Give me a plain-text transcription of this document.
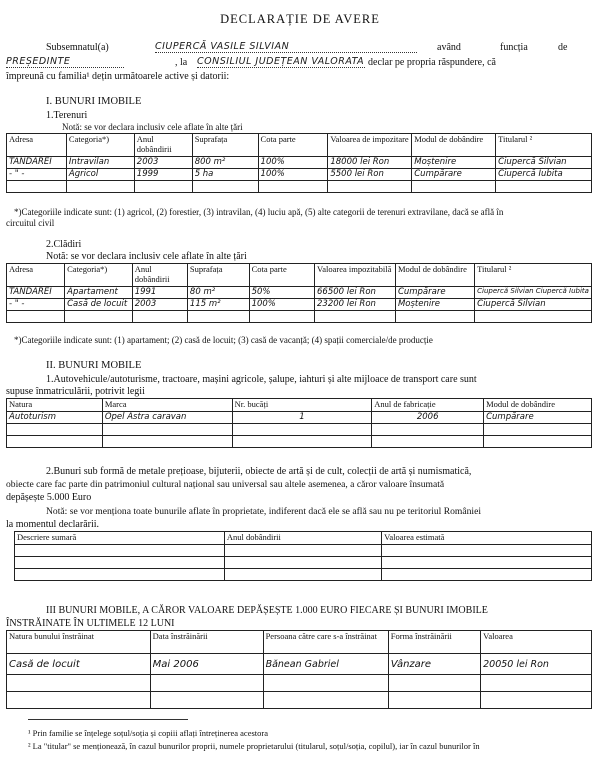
DECLARAȚIE DE AVERE
Subsemnatul(a)	CIUPERCĂ VASILE SILVIAN	având	funcția	de
PREȘEDINTE	, la CONSILIUL JUDEȚEAN VALORATA declar pe propria răspundere, că
împreună cu familia¹ dețin următoarele active și datorii:
I. BUNURI IMOBILE
1.Terenuri
Notă: se vor declara inclusiv cele aflate în alte țări
Adresa	Categoria*)	Anul dobândirii	Suprafața	Cota parte	Valoarea de impozitare	Modul de dobândire	Titularul ²
TÂNDĂREI	Intravilan	2003	800 m²	100%	18000 lei Ron	Moștenire	Ciupercă Silvian
- " -	Agricol	1999	5 ha	100%	5500 lei Ron	Cumpărare	Ciupercă Iubita

*)Categoriile indicate sunt: (1) agricol, (2) forestier, (3) intravilan, (4) luciu apă, (5) alte categorii de terenuri extravilane, dacă se află în
circuitul civil
2.Clădiri
Notă: se vor declara inclusiv cele aflate în alte țări
Adresa	Categoria*)	Anul dobândirii	Suprafața	Cota parte	Valoarea impozitabilă	Modul de dobândire	Titularul ²
TÂNDĂREI	Apartament	1991	80 m²	50%	66500 lei Ron	Cumpărare	Ciupercă Silvian Ciupercă Iubita
- " -	Casă de locuit	2003	115 m²	100%	23200 lei Ron	Moștenire	Ciupercă Silvian

*)Categoriile indicate sunt: (1) apartament; (2) casă de locuit; (3) casă de vacanță; (4) spații comerciale/de producție
II. BUNURI MOBILE
1.Autovehicule/autoturisme, tractoare, mașini agricole, șalupe, iahturi și alte mijloace de transport care sunt
supuse înmatriculării, potrivit legii
Natura	Marca	Nr. bucăți	Anul de fabricație	Modul de dobândire
Autoturism	Opel Astra caravan	1	2006	Cumpărare

2.Bunuri sub formă de metale prețioase, bijuterii, obiecte de artă și de cult, colecții de artă și numismatică,
obiecte care fac parte din patrimoniul cultural național sau universal sau altele asemenea, a căror valoare însumată
depășește 5.000 Euro
Notă: se vor menționa toate bunurile aflate în proprietate, indiferent dacă ele se află sau nu pe teritoriul României
la momentul declarării.
Descriere sumară	Anul dobândirii	Valoarea estimată

III BUNURI MOBILE, A CĂROR VALOARE DEPĂȘEȘTE 1.000 EURO FIECARE ȘI BUNURI IMOBILE
ÎNSTRĂINATE ÎN ULTIMELE 12 LUNI
Natura bunului înstrăinat	Data înstrăinării	Persoana către care s-a înstrăinat	Forma înstrăinării	Valoarea
Casă de locuit	Mai 2006	Bănean Gabriel	Vânzare	20050 lei Ron

¹ Prin familie se înțelege soțul/soția și copiii aflați întreținerea acestora
² La "titular" se menționează, în cazul bunurilor proprii, numele proprietarului (titularul, soțul/soția, copilul), iar în cazul bunurilor în
